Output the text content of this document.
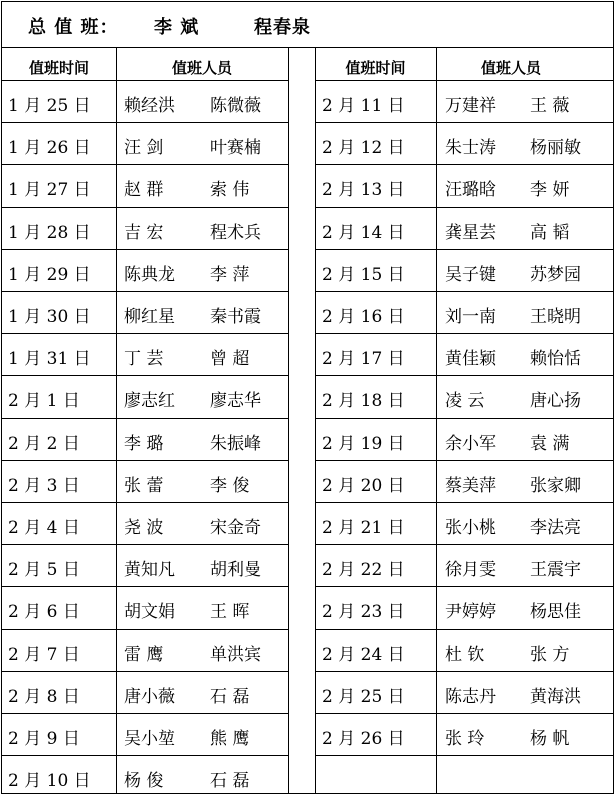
总 值 班： 李 斌	程春泉
值班时间	值班人员	值班时间	值班人员
1 月 25 日 赖经洪 陈微薇
1 月 26 日 汪 剑	叶赛楠
1 月 27 日 赵 群	索 伟
1 月 28 日 吉 宏	程术兵
1 月 29 日 陈典龙 李 萍
1 月 30 日 柳红星 秦书霞
1 月 31 日 丁 芸	曾 超
2 月 1 日	廖志红 廖志华
2 月 2 日	李 璐	朱振峰
2 月 3 日	张 蕾	李 俊
2 月 4 日	尧 波	宋金奇
2 月 5 日	黄知凡 胡利曼
2 月 6 日	胡文娟 王 晖
2 月 7 日	雷 鹰	单洪宾
2 月 8 日	唐小薇 石 磊
2 月 9 日	吴小堃 熊 鹰
2 月 10 日 杨 俊	石 磊
2 月 11 日 万建祥 王 薇
2 月 12 日 朱士涛 杨丽敏
2 月 13 日 汪璐晗 李 妍
2 月 14 日 龚星芸 高 韬
2 月 15 日 吴子键 苏梦园
2 月 16 日 刘一南 王晓明
2 月 17 日 黄佳颖 赖怡恬
2 月 18 日 凌 云	唐心扬
2 月 19 日 余小军 袁 满
2 月 20 日 蔡美萍 张家卿
2 月 21 日 张小桃 李法亮
2 月 22 日 徐月雯 王震宇
2 月 23 日 尹婷婷 杨思佳
2 月 24 日 杜 钦	张 方
2 月 25 日 陈志丹 黄海洪
2 月 26 日 张 玲	杨 帆
